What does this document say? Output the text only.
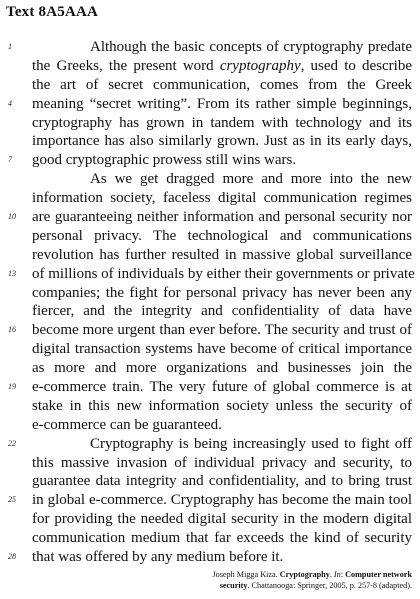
Text 8A5AAA
1	Although the basic concepts of cryptography predate
the Greeks, the present word cryptography, used to describe
the art of secret communication, comes from the Greek
4	meaning “secret writing”. From its rather simple beginnings,
cryptography has grown in tandem with technology and its
importance has also similarly grown. Just as in its early days,
7	good cryptographic prowess still wins wars.
As we get dragged more and more into the new
information society, faceless digital communication regimes
10	are guaranteeing neither information and personal security nor
personal privacy. The technological and communications
revolution has further resulted in massive global surveillance
13	of millions of individuals by either their governments or private
companies; the fight for personal privacy has never been any
fiercer, and the integrity and confidentiality of data have
16	become more urgent than ever before. The security and trust of
digital transaction systems have become of critical importance
as more and more organizations and businesses join the
19	e-commerce train. The very future of global commerce is at
stake in this new information society unless the security of
e-commerce can be guaranteed.
22	Cryptography is being increasingly used to fight off
this massive invasion of individual privacy and security, to
guarantee data integrity and confidentiality, and to bring trust
25	in global e-commerce. Cryptography has become the main tool
for providing the needed digital security in the modern digital
communication medium that far exceeds the kind of security
28	that was offered by any medium before it.
Joseph Migga Kiza. Cryptography. In: Computer network
security. Chattanooga: Springer, 2005, p. 257-8 (adapted).
